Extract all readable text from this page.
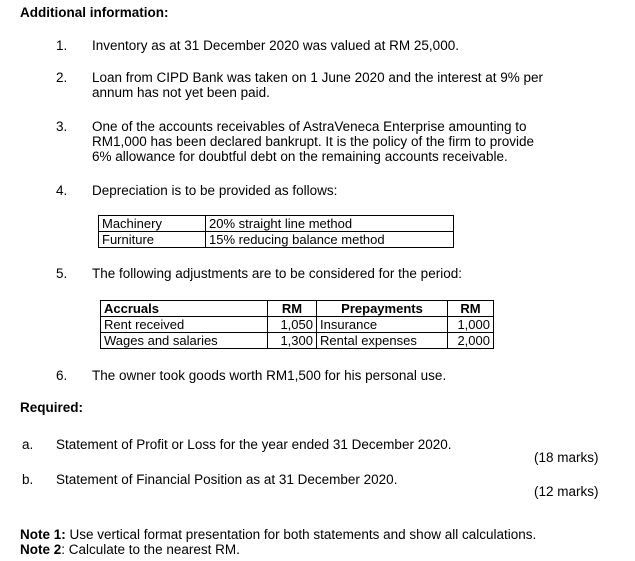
Additional information:
1. Inventory as at 31 December 2020 was valued at RM 25,000.
2. Loan from CIPD Bank was taken on 1 June 2020 and the interest at 9% per
annum has not yet been paid.
3. One of the accounts receivables of AstraVeneca Enterprise amounting to
RM1,000 has been declared bankrupt. It is the policy of the firm to provide
6% allowance for doubtful debt on the remaining accounts receivable.
4. Depreciation is to be provided as follows:
Machinery	20% straight line method
Furniture	15% reducing balance method
5. The following adjustments are to be considered for the period:
Accruals	RM	Prepayments	RM
Rent received	1,050	Insurance	1,000
Wages and salaries	1,300	Rental expenses	2,000
6. The owner took goods worth RM1,500 for his personal use.
Required:
a. Statement of Profit or Loss for the year ended 31 December 2020.
(18 marks)
b. Statement of Financial Position as at 31 December 2020.
(12 marks)
Note 1: Use vertical format presentation for both statements and show all calculations.
Note 2: Calculate to the nearest RM.
